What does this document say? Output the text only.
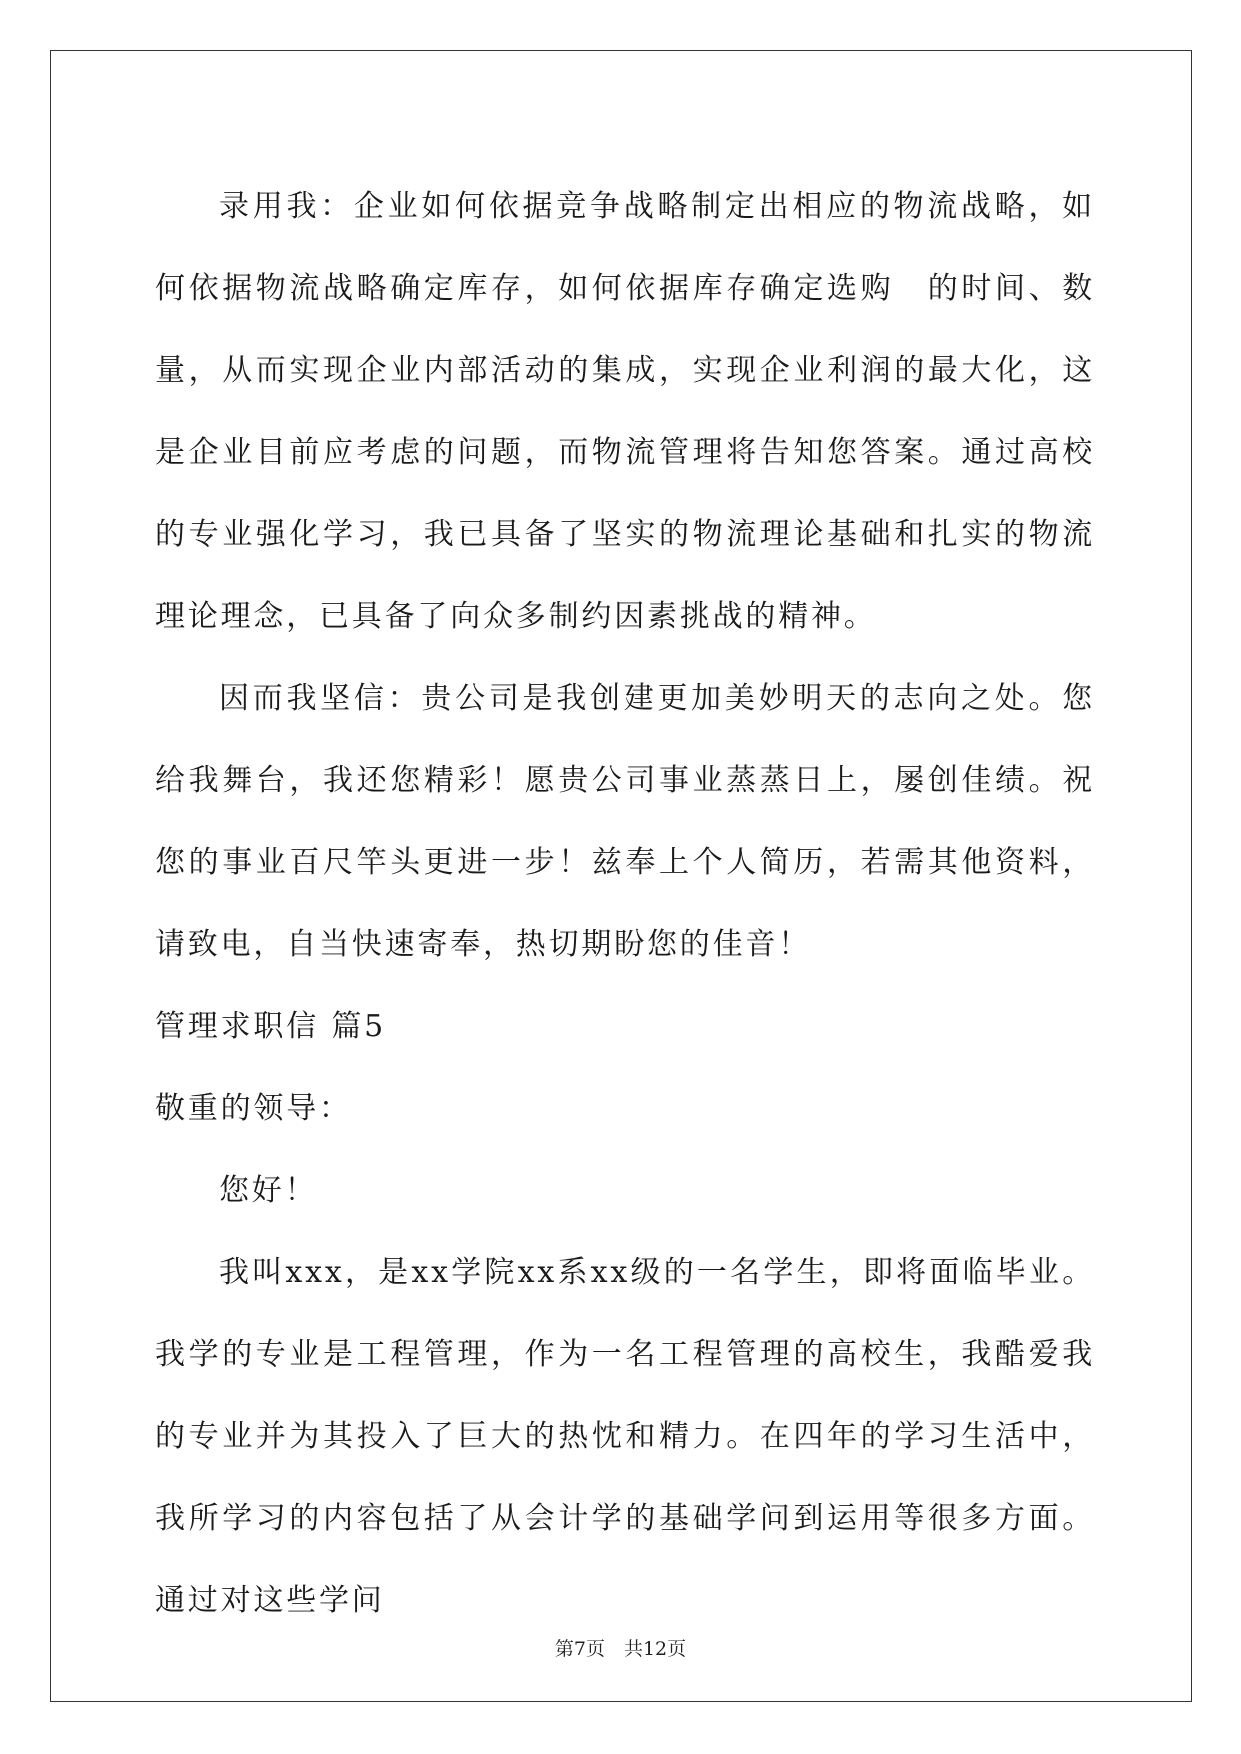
录用我：企业如何依据竞争战略制定出相应的物流战略，如何依据物流战略确定库存，如何依据库存确定选购　的时间、数量，从而实现企业内部活动的集成，实现企业利润的最大化，这是企业目前应考虑的问题，而物流管理将告知您答案。通过高校的专业强化学习，我已具备了坚实的物流理论基础和扎实的物流理论理念，已具备了向众多制约因素挑战的精神。

因而我坚信：贵公司是我创建更加美妙明天的志向之处。您给我舞台，我还您精彩！愿贵公司事业蒸蒸日上，屡创佳绩。祝您的事业百尺竿头更进一步！兹奉上个人简历，若需其他资料，请致电，自当快速寄奉，热切期盼您的佳音！

管理求职信 篇5

敬重的领导：

您好！

我叫xxx，是xx学院xx系xx级的一名学生，即将面临毕业。我学的专业是工程管理，作为一名工程管理的高校生，我酷爱我的专业并为其投入了巨大的热忱和精力。在四年的学习生活中，我所学习的内容包括了从会计学的基础学问到运用等很多方面。通过对这些学问

第7页　共12页
